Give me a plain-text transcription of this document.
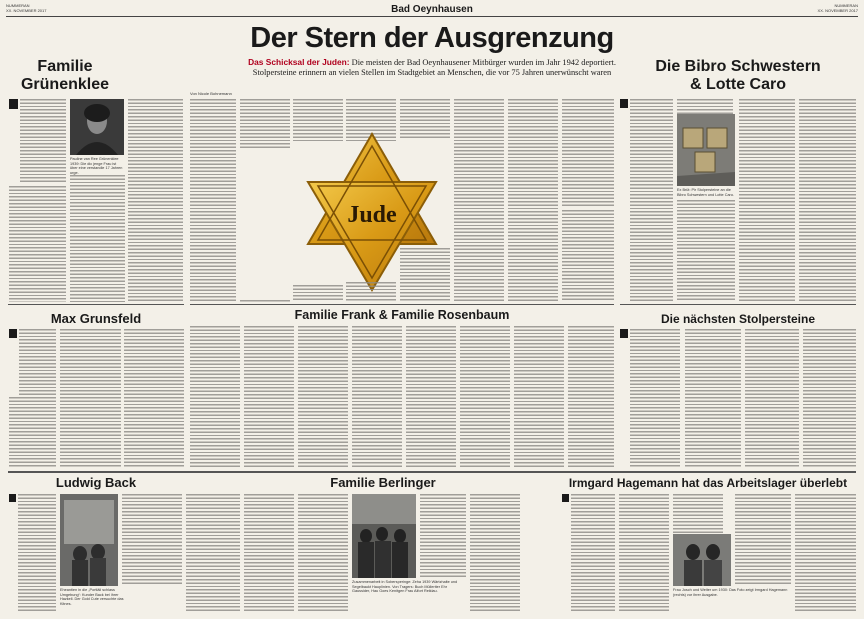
NUMMERAN
XX. NOVEMBER 2017	Bad Oeynhausen	NUMMERAN
XX. NOVEMBER 2017
Der Stern der Ausgrenzung
Das Schicksal der Juden: Die meisten der Bad Oeynhausener Mitbürger wurden im Jahr 1942 deportiert. Stolpersteine erinnern an vielen Stellen im Stadtgebiet an Menschen, die vor 75 Jahren unerwünscht waren
Familie
Grünenklee
Pauline van Ree Grünenklee 1939: Die dic jenge Frau ist über eine verstandle 17 Jahren urge.
Max Grunsfeld
Von Nicole Bohnemann
Jude
Familie Frank & Familie Rosenbaum
Die Bibro Schwestern
& Lotte Caro
Ex Brüt: Pir Stolpersteine an die Bibro Schwestern und Lotte Caro.
Die nächsten Stolpersteine
Ludwig Back	Familie Berlinger	Irmgard Hagemann hat das Arbeitslager überlebt
Eheantien in die „Portläli schlass Umgebung“: Kunder Back bei ihrer Hazkell. Der Gold Cute versuchte das Kitnes.
Zusammenarbeit in Sobersperinge: Zeha 1939 Wärtzhalte und Segelbaukt Hauplinien. Von Tragers: Buch Mülleriter Ehr Gaussider, Hau Goes Kenitgen Frau Alfort Reiklau.	Frau Josch und Weiter um 1930: Das Foto zeigt Irmgard Hagemann (rechts) vor ihrer Ausgabe.
